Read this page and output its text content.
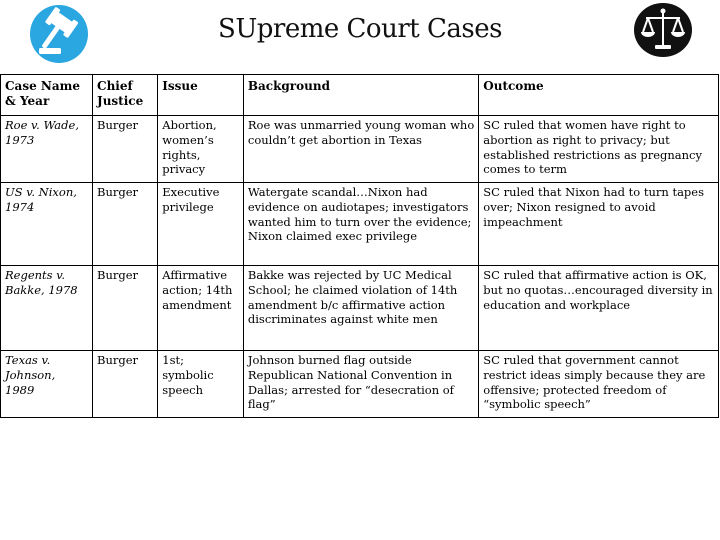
SUpreme Court Cases
Case Name & Year	Chief Justice	Issue	Background	Outcome
Roe v. Wade, 1973	Burger	Abortion, women’s rights, privacy	Roe was unmarried young woman who couldn’t get abortion in Texas	SC ruled that women have right to abortion as right to privacy; but established restrictions as pregnancy comes to term
US v. Nixon, 1974	Burger	Executive privilege	Watergate scandal…Nixon had evidence on audiotapes; investigators wanted him to turn over the evidence; Nixon claimed exec privilege	SC ruled that Nixon had to turn tapes over; Nixon resigned to avoid impeachment
Regents v. Bakke, 1978	Burger	Affirmative action; 14th amendment	Bakke was rejected by UC Medical School; he claimed violation of 14th amendment b/c affirmative action discriminates against white men	SC ruled that affirmative action is OK, but no quotas…encouraged diversity in education and workplace
Texas v. Johnson, 1989	Burger	1st; symbolic speech	Johnson burned flag outside Republican National Convention in Dallas; arrested for “desecration of flag”	SC ruled that government cannot restrict ideas simply because they are offensive; protected freedom of “symbolic speech”
